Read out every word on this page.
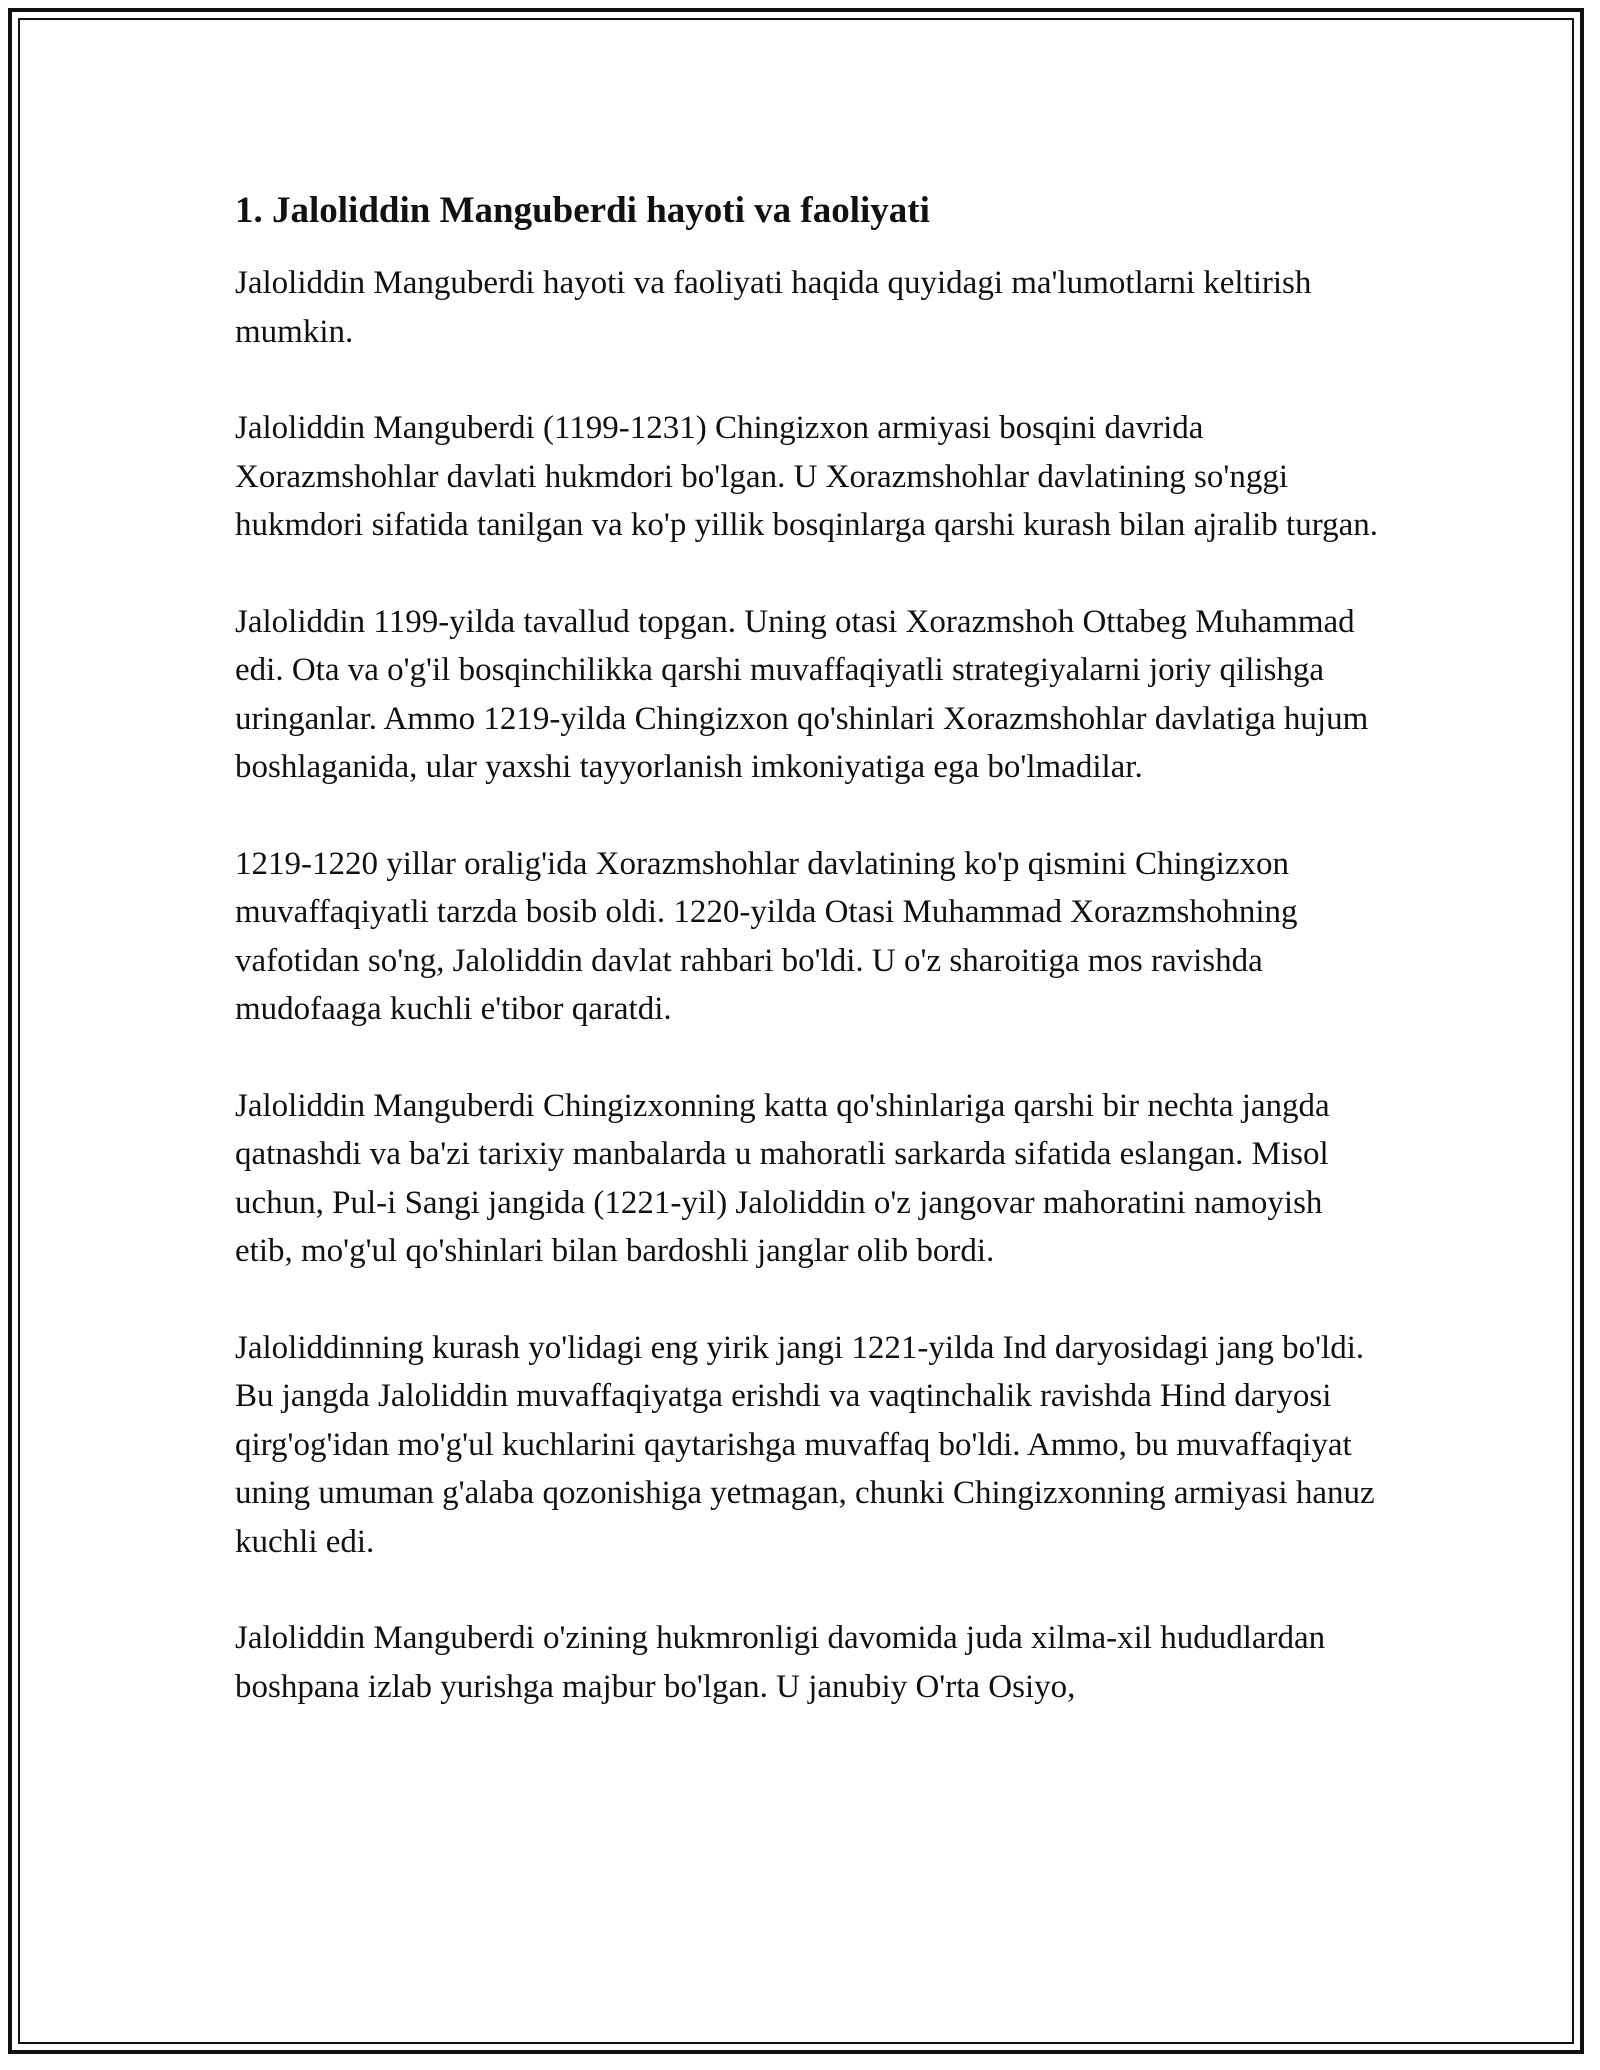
1. Jaloliddin Manguberdi hayoti va faoliyati

Jaloliddin Manguberdi hayoti va faoliyati haqida quyidagi ma'lumotlarni keltirish mumkin.

Jaloliddin Manguberdi (1199-1231) Chingizxon armiyasi bosqini davrida Xorazmshohlar davlati hukmdori bo'lgan. U Xorazmshohlar davlatining so'nggi hukmdori sifatida tanilgan va ko'p yillik bosqinlarga qarshi kurash bilan ajralib turgan.

Jaloliddin 1199-yilda tavallud topgan. Uning otasi Xorazmshoh Ottabeg Muhammad edi. Ota va o'g'il bosqinchilikka qarshi muvaffaqiyatli strategiyalarni joriy qilishga uringanlar. Ammo 1219-yilda Chingizxon qo'shinlari Xorazmshohlar davlatiga hujum boshlaganida, ular yaxshi tayyorlanish imkoniyatiga ega bo'lmadilar.

1219-1220 yillar oralig'ida Xorazmshohlar davlatining ko'p qismini Chingizxon muvaffaqiyatli tarzda bosib oldi. 1220-yilda Otasi Muhammad Xorazmshohning vafotidan so'ng, Jaloliddin davlat rahbari bo'ldi. U o'z sharoitiga mos ravishda mudofaaga kuchli e'tibor qaratdi.

Jaloliddin Manguberdi Chingizxonning katta qo'shinlariga qarshi bir nechta jangda qatnashdi va ba'zi tarixiy manbalarda u mahoratli sarkarda sifatida eslangan. Misol uchun, Pul-i Sangi jangida (1221-yil) Jaloliddin o'z jangovar mahoratini namoyish etib, mo'g'ul qo'shinlari bilan bardoshli janglar olib bordi.

Jaloliddinning kurash yo'lidagi eng yirik jangi 1221-yilda Ind daryosidagi jang bo'ldi. Bu jangda Jaloliddin muvaffaqiyatga erishdi va vaqtinchalik ravishda Hind daryosi qirg'og'idan mo'g'ul kuchlarini qaytarishga muvaffaq bo'ldi. Ammo, bu muvaffaqiyat uning umuman g'alaba qozonishiga yetmagan, chunki Chingizxonning armiyasi hanuz kuchli edi.

Jaloliddin Manguberdi o'zining hukmronligi davomida juda xilma-xil hududlardan boshpana izlab yurishga majbur bo'lgan. U janubiy O'rta Osiyo,
